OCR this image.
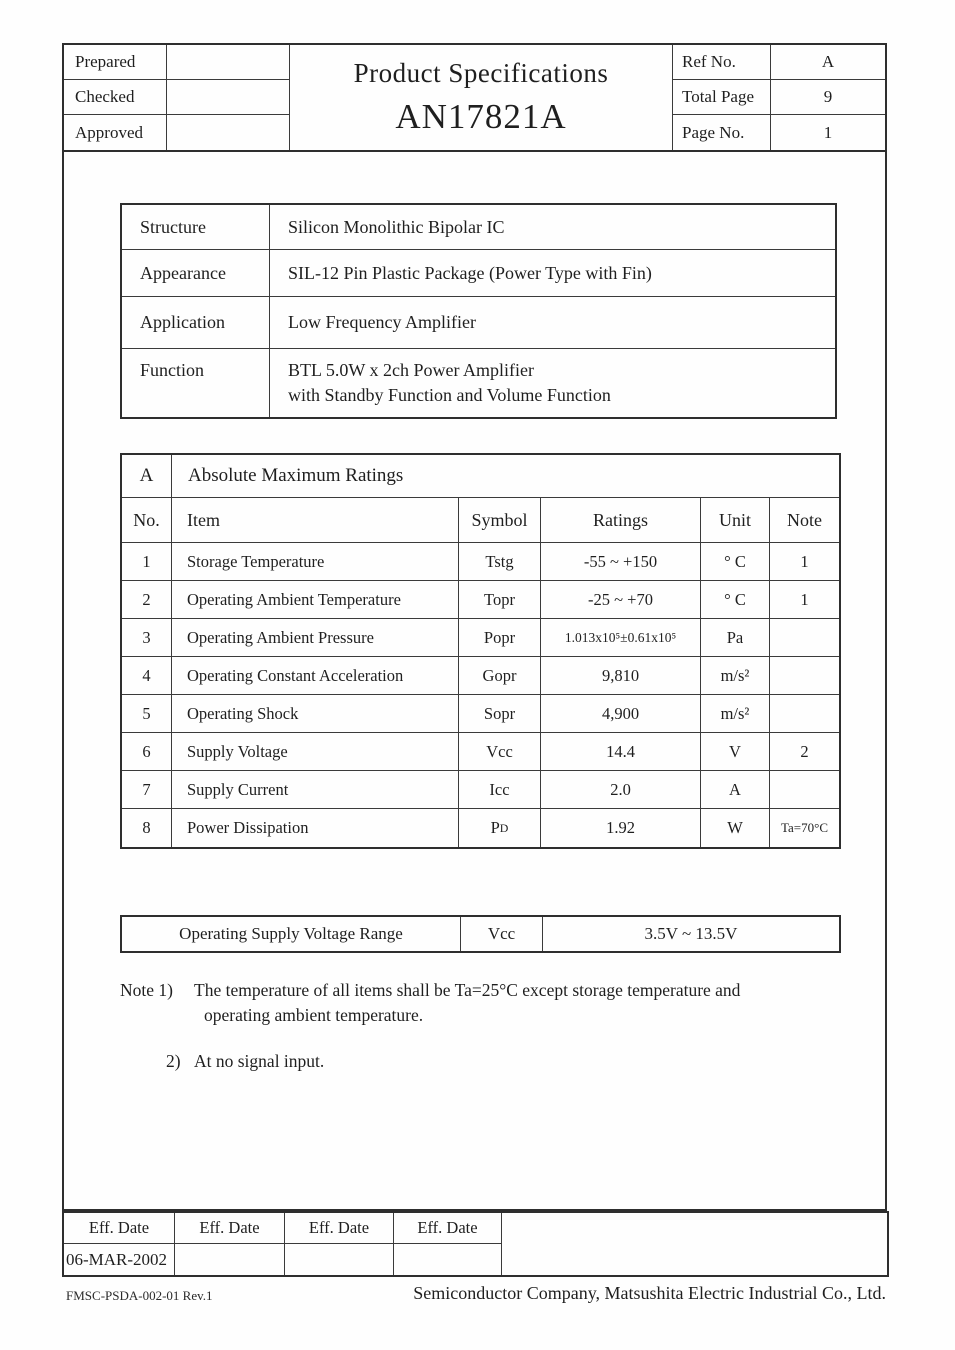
Prepared
Checked
Approved
Product Specifications
AN17821A
Ref No.	A
Total Page	9
Page No.	1
Structure	Silicon Monolithic Bipolar IC
Appearance	SIL-12 Pin Plastic Package (Power Type with Fin)
Application	Low Frequency Amplifier
Function	BTL 5.0W x 2ch Power Amplifier
with Standby Function and Volume Function
A	Absolute Maximum Ratings
No.	Item	Symbol	Ratings	Unit	Note
1	Storage Temperature	Tstg	-55 ~ +150	° C	1
2	Operating Ambient Temperature	Topr	-25 ~ +70	° C	1
3	Operating Ambient Pressure	Popr	1.013x10⁵±0.61x10⁵	Pa
4	Operating Constant Acceleration	Gopr	9,810	m/s²
5	Operating Shock	Sopr	4,900	m/s²
6	Supply Voltage	Vcc	14.4	V	2
7	Supply Current	Icc	2.0	A
8	Power Dissipation	P D	1.92	W	Ta=70°C
Operating Supply Voltage Range	Vcc	3.5V ~ 13.5V
Note 1)	The temperature of all items shall be Ta=25°C except storage temperature and
operating ambient temperature.
2) At no signal input.
Eff. Date	Eff. Date	Eff. Date	Eff. Date
06-MAR-2002
FMSC-PSDA-002-01 Rev.1	Semiconductor Company, Matsushita Electric Industrial Co., Ltd.
